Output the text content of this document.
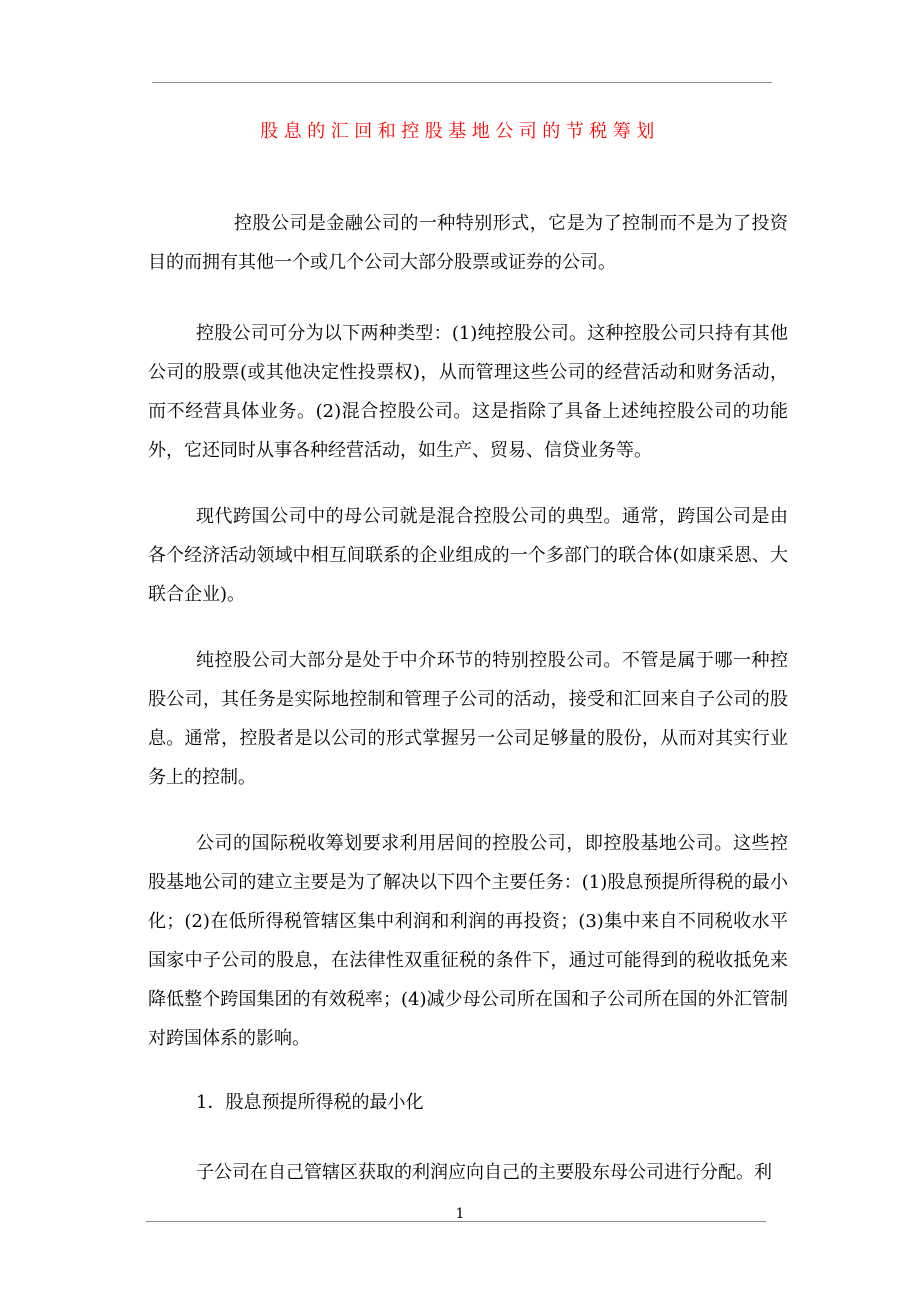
股息的汇回和控股基地公司的节税筹划

控股公司是金融公司的一种特别形式，它是为了控制而不是为了投资目的而拥有其他一个或几个公司大部分股票或证券的公司。

控股公司可分为以下两种类型：(1)纯控股公司。这种控股公司只持有其他公司的股票(或其他决定性投票权)，从而管理这些公司的经营活动和财务活动，而不经营具体业务。(2)混合控股公司。这是指除了具备上述纯控股公司的功能外，它还同时从事各种经营活动，如生产、贸易、信贷业务等。

现代跨国公司中的母公司就是混合控股公司的典型。通常，跨国公司是由各个经济活动领域中相互间联系的企业组成的一个多部门的联合体(如康采恩、大联合企业)。

纯控股公司大部分是处于中介环节的特别控股公司。不管是属于哪一种控股公司，其任务是实际地控制和管理子公司的活动，接受和汇回来自子公司的股息。通常，控股者是以公司的形式掌握另一公司足够量的股份，从而对其实行业务上的控制。

公司的国际税收筹划要求利用居间的控股公司，即控股基地公司。这些控股基地公司的建立主要是为了解决以下四个主要任务：(1)股息预提所得税的最小化；(2)在低所得税管辖区集中利润和利润的再投资；(3)集中来自不同税收水平国家中子公司的股息，在法律性双重征税的条件下，通过可能得到的税收抵免来降低整个跨国集团的有效税率；(4)减少母公司所在国和子公司所在国的外汇管制对跨国体系的影响。

1．股息预提所得税的最小化

子公司在自己管辖区获取的利润应向自己的主要股东母公司进行分配。利

1
